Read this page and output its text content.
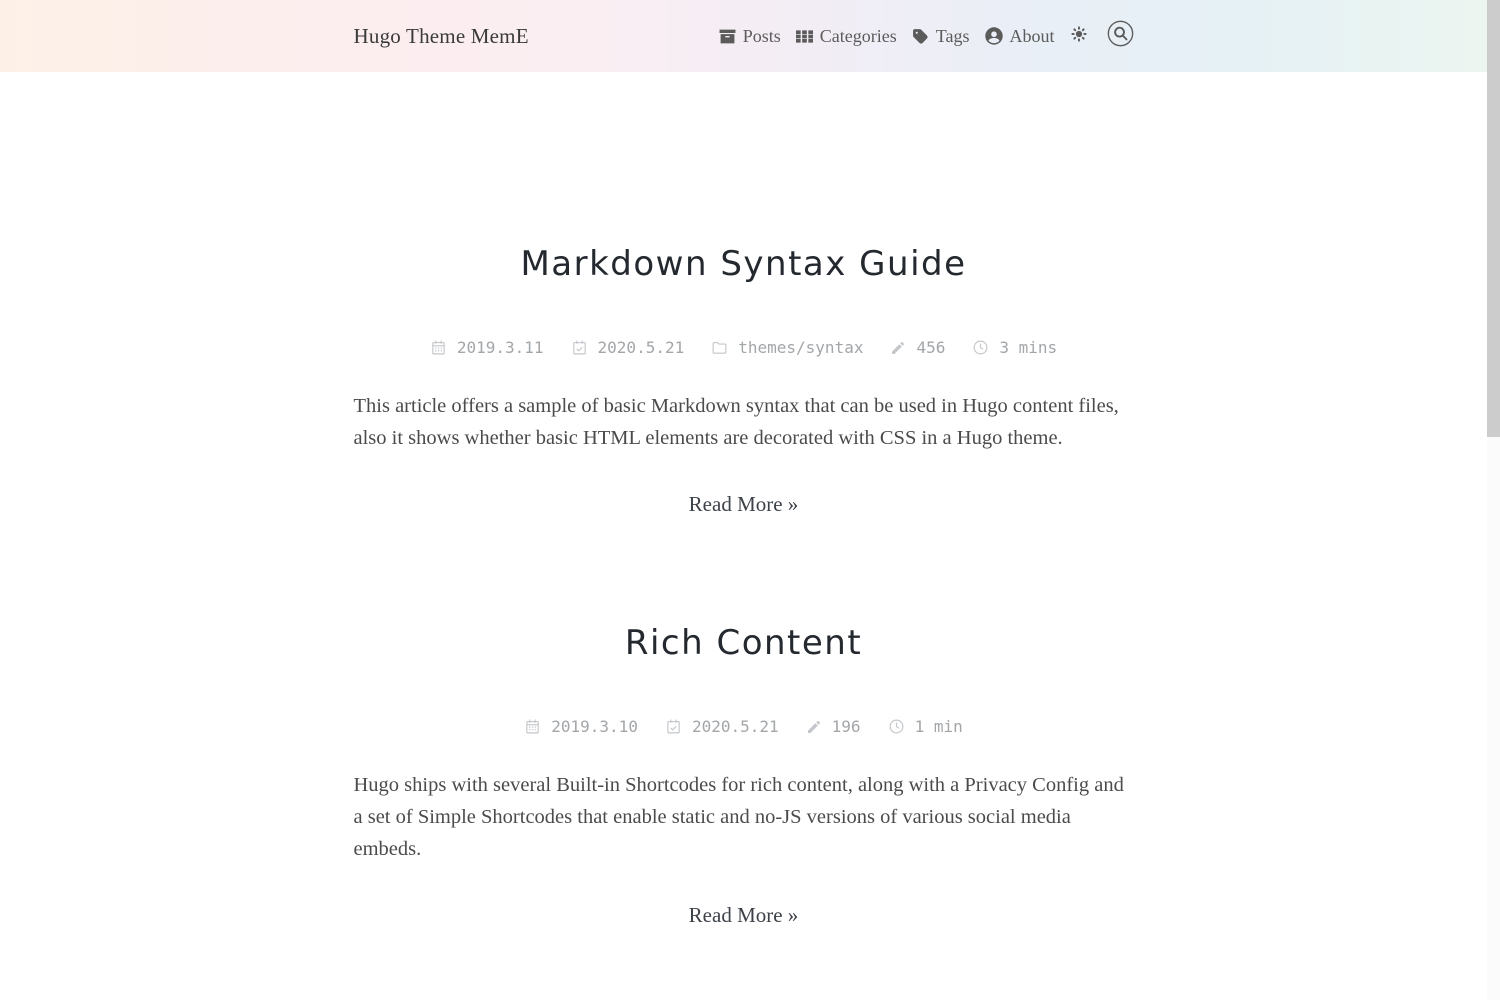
Hugo Theme MemE	Posts Categories Tags About
Markdown Syntax Guide
2019.3.11	2020.5.21	themes/syntax	456	3 mins

This article offers a sample of basic Markdown syntax that can be used in Hugo content files, also it shows whether basic HTML elements are decorated with CSS in a Hugo theme.

Read More »
Rich Content
2019.3.10	2020.5.21	196	1 min

Hugo ships with several Built-in Shortcodes for rich content, along with a Privacy Config and a set of Simple Shortcodes that enable static and no-JS versions of various social media embeds.

Read More »
